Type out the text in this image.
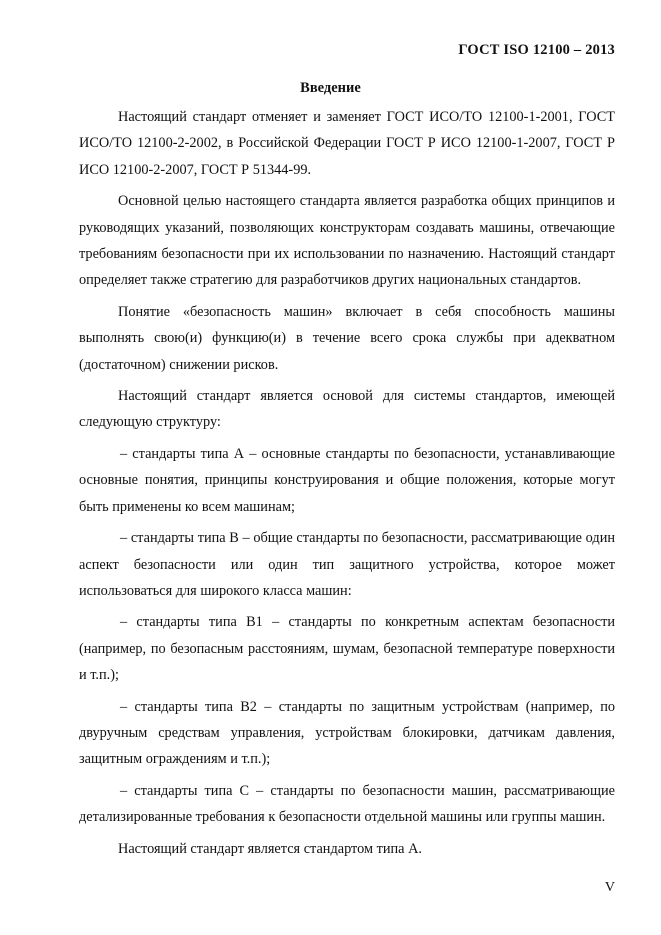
ГОСТ ISO 12100 – 2013
Введение

Настоящий стандарт отменяет и заменяет ГОСТ ИСО/ТО 12100-1-2001, ГОСТ ИСО/ТО 12100-2-2002, в Российской Федерации ГОСТ Р ИСО 12100-1-2007, ГОСТ Р ИСО 12100-2-2007, ГОСТ Р 51344-99.

Основной целью настоящего стандарта является разработка общих принципов и руководящих указаний, позволяющих конструкторам создавать машины, отвечающие требованиям безопасности при их использовании по назначению. Настоящий стандарт определяет также стратегию для разработчиков других национальных стандартов.

Понятие «безопасность машин» включает в себя способность машины выполнять свою(и) функцию(и) в течение всего срока службы при адекватном (достаточном) снижении рисков.

Настоящий стандарт является основой для системы стандартов, имеющей следующую структуру:

– стандарты типа А – основные стандарты по безопасности, устанавливающие основные понятия, принципы конструирования и общие положения, которые могут быть применены ко всем машинам;

– стандарты типа В – общие стандарты по безопасности, рассматривающие один аспект безопасности или один тип защитного устройства, которое может использоваться для широкого класса машин:

– стандарты типа В1 – стандарты по конкретным аспектам безопасности (например, по безопасным расстояниям, шумам, безопасной температуре поверхности и т.п.);

– стандарты типа В2 – стандарты по защитным устройствам (например, по двуручным средствам управления, устройствам блокировки, датчикам давления, защитным ограждениям и т.п.);

– стандарты типа С – стандарты по безопасности машин, рассматривающие детализированные требования к безопасности отдельной машины или группы машин.

Настоящий стандарт является стандартом типа А.

V
